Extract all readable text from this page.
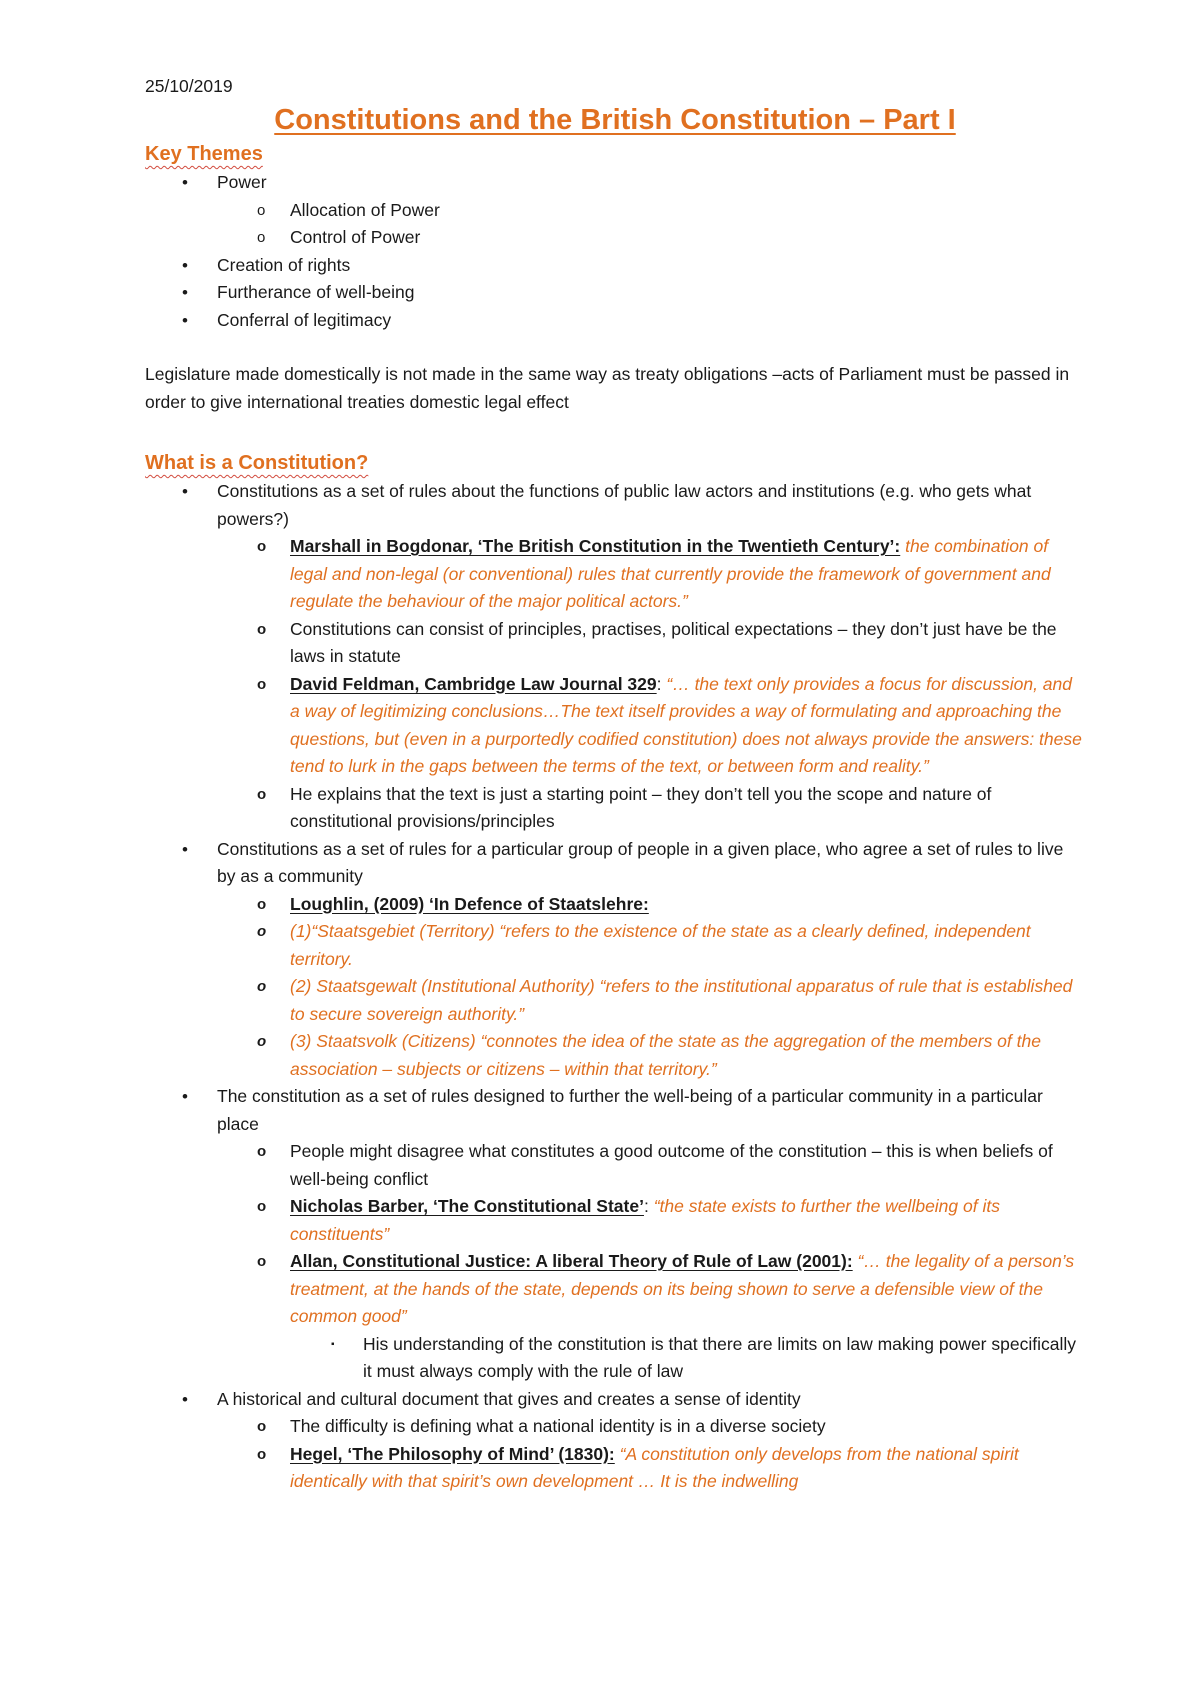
25/10/2019

Constitutions and the British Constitution – Part I
Key Themes
• Power
o Allocation of Power
o Control of Power
• Creation of rights
• Furtherance of well-being
• Conferral of legitimacy

Legislature made domestically is not made in the same way as treaty obligations –acts of Parliament must be passed in order to give international treaties domestic legal effect

What is a Constitution?
• Constitutions as a set of rules about the functions of public law actors and institutions (e.g. who gets what powers?)
o Marshall in Bogdonar, ‘The British Constitution in the Twentieth Century’: the combination of legal and non-legal (or conventional) rules that currently provide the framework of government and regulate the behaviour of the major political actors.”
o Constitutions can consist of principles, practises, political expectations – they don’t just have be the laws in statute
o David Feldman, Cambridge Law Journal 329: “… the text only provides a focus for discussion, and a way of legitimizing conclusions…The text itself provides a way of formulating and approaching the questions, but (even in a purportedly codified constitution) does not always provide the answers: these tend to lurk in the gaps between the terms of the text, or between form and reality.”
o He explains that the text is just a starting point – they don’t tell you the scope and nature of constitutional provisions/principles
• Constitutions as a set of rules for a particular group of people in a given place, who agree a set of rules to live by as a community
o Loughlin, (2009) ‘In Defence of Staatslehre:
o (1)“Staatsgebiet (Territory) “refers to the existence of the state as a clearly defined, independent territory.
o (2) Staatsgewalt (Institutional Authority) “refers to the institutional apparatus of rule that is established to secure sovereign authority.”
o (3) Staatsvolk (Citizens) “connotes the idea of the state as the aggregation of the members of the association – subjects or citizens – within that territory.”
• The constitution as a set of rules designed to further the well-being of a particular community in a particular place
o People might disagree what constitutes a good outcome of the constitution – this is when beliefs of well-being conflict
o Nicholas Barber, ‘The Constitutional State’: “the state exists to further the wellbeing of its constituents”
o Allan, Constitutional Justice: A liberal Theory of Rule of Law (2001): “… the legality of a person’s treatment, at the hands of the state, depends on its being shown to serve a defensible view of the common good”
▪ His understanding of the constitution is that there are limits on law making power specifically it must always comply with the rule of law
• A historical and cultural document that gives and creates a sense of identity
o The difficulty is defining what a national identity is in a diverse society
o Hegel, ‘The Philosophy of Mind’ (1830): “A constitution only develops from the national spirit identically with that spirit’s own development … It is the indwelling
